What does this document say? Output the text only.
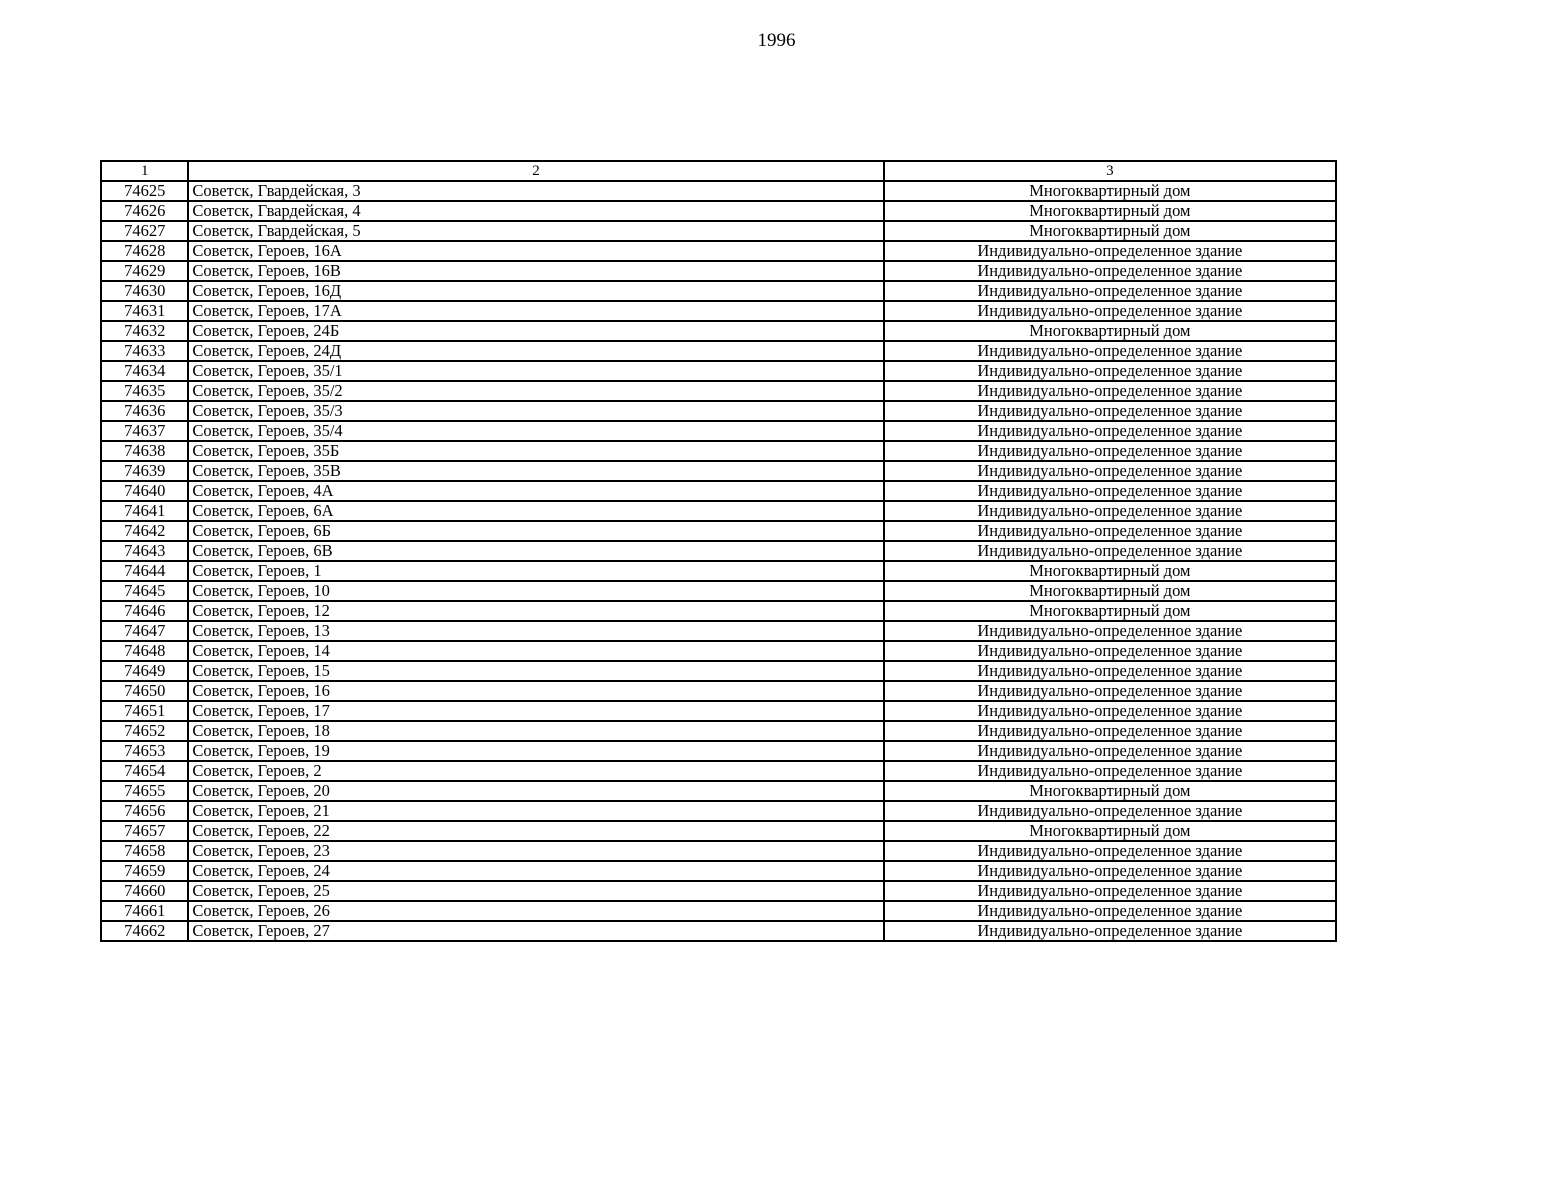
1996
1	2	3
74625	Советск, Гвардейская, 3	Многоквартирный дом
74626	Советск, Гвардейская, 4	Многоквартирный дом
74627	Советск, Гвардейская, 5	Многоквартирный дом
74628	Советск, Героев, 16А	Индивидуально-определенное здание
74629	Советск, Героев, 16В	Индивидуально-определенное здание
74630	Советск, Героев, 16Д	Индивидуально-определенное здание
74631	Советск, Героев, 17А	Индивидуально-определенное здание
74632	Советск, Героев, 24Б	Многоквартирный дом
74633	Советск, Героев, 24Д	Индивидуально-определенное здание
74634	Советск, Героев, 35/1	Индивидуально-определенное здание
74635	Советск, Героев, 35/2	Индивидуально-определенное здание
74636	Советск, Героев, 35/3	Индивидуально-определенное здание
74637	Советск, Героев, 35/4	Индивидуально-определенное здание
74638	Советск, Героев, 35Б	Индивидуально-определенное здание
74639	Советск, Героев, 35В	Индивидуально-определенное здание
74640	Советск, Героев, 4А	Индивидуально-определенное здание
74641	Советск, Героев, 6А	Индивидуально-определенное здание
74642	Советск, Героев, 6Б	Индивидуально-определенное здание
74643	Советск, Героев, 6В	Индивидуально-определенное здание
74644	Советск, Героев, 1	Многоквартирный дом
74645	Советск, Героев, 10	Многоквартирный дом
74646	Советск, Героев, 12	Многоквартирный дом
74647	Советск, Героев, 13	Индивидуально-определенное здание
74648	Советск, Героев, 14	Индивидуально-определенное здание
74649	Советск, Героев, 15	Индивидуально-определенное здание
74650	Советск, Героев, 16	Индивидуально-определенное здание
74651	Советск, Героев, 17	Индивидуально-определенное здание
74652	Советск, Героев, 18	Индивидуально-определенное здание
74653	Советск, Героев, 19	Индивидуально-определенное здание
74654	Советск, Героев, 2	Индивидуально-определенное здание
74655	Советск, Героев, 20	Многоквартирный дом
74656	Советск, Героев, 21	Индивидуально-определенное здание
74657	Советск, Героев, 22	Многоквартирный дом
74658	Советск, Героев, 23	Индивидуально-определенное здание
74659	Советск, Героев, 24	Индивидуально-определенное здание
74660	Советск, Героев, 25	Индивидуально-определенное здание
74661	Советск, Героев, 26	Индивидуально-определенное здание
74662	Советск, Героев, 27	Индивидуально-определенное здание
